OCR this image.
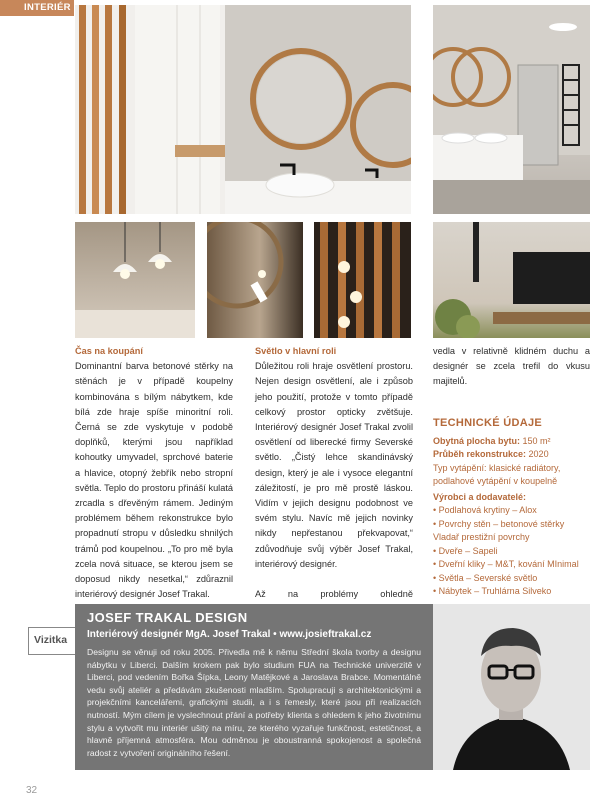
INTERIÉR
Čas na koupání

Dominantní barva betonové stěrky na stěnách je v případě koupelny kombinována s bílým nábytkem, kde bílá zde hraje spíše minoritní roli. Černá se zde vyskytuje v podobě doplňků, kterými jsou například kohoutky umyvadel, sprchové baterie a hlavice, otopný žebřík nebo stropní světla. Teplo do prostoru přináší kulatá zrcadla s dřevěným rámem. Jediným problémem během rekonstrukce bylo propadnutí stropu v důsledku shnilých trámů pod koupelnou. „To pro mě byla zcela nová situace, se kterou jsem se doposud nikdy nesetkal,“ zdůraznil interiérový designér Josef Trakal.

Světlo v hlavní roli

Důležitou roli hraje osvětlení prostoru. Nejen design osvětlení, ale i způsob jeho použití, protože v tomto případě celkový prostor opticky zvětšuje. Interiérový designér Josef Trakal zvolil osvětlení od liberecké firmy Severské světlo. „Čistý lehce skandinávský design, který je ale i vysoce elegantní záležitostí, je pro mě prostě láskou. Vidím v jejich designu podobnost ve svém stylu. Navíc mě jejich novinky nikdy nepřestanou překvapovat,“ zdůvodňuje svůj výběr Josef Trakal, interiérový designér.

Až na problémy ohledně

vedla v relativně klidném duchu a designér se zcela trefil do vkusu majitelů.

TECHNICKÉ ÚDAJE
Obytná plocha bytu: 150 m²
Průběh rekonstrukce: 2020
Typ vytápění: klasické radiátory, podlahové vytápění v koupelně
Výrobci a dodavatelé:
• Podlahová krytiny – Alox
• Povrchy stěn – betonové stěrky Vladař prestižní povrchy
• Dveře – Sapeli
• Dveřní kliky – M&T, kování MInimal
• Světla – Severské světlo
• Nábytek – Truhlárna Silveko
Vizitka
JOSEF TRAKAL DESIGN
Interiérový designér MgA. Josef Trakal • www.josieftrakal.cz

Designu se věnuji od roku 2005. Přivedla mě k němu Střední škola tvorby a designu nábytku v Liberci. Dalším krokem pak bylo studium FUA na Technické univerzitě v Liberci, pod vedením Bořka Šípka, Leony Matějkové a Jaroslava Brabce. Momentálně vedu svůj ateliér a předávám zkušenosti mladším. Spolupracuji s architektonickými a projekčními kancelářemi, grafickými studii, a i s řemesly, které jsou při realizacích nutností. Mým cílem je vyslechnout přání a potřeby klienta s ohledem k jeho životnímu stylu a vytvořit mu interiér ušitý na míru, ze kterého vyzařuje funkčnost, estetičnost, a hlavně příjemná atmosféra. Mou odměnou je oboustranná spokojenost a společná radost z vytvoření originálního řešení.

32
